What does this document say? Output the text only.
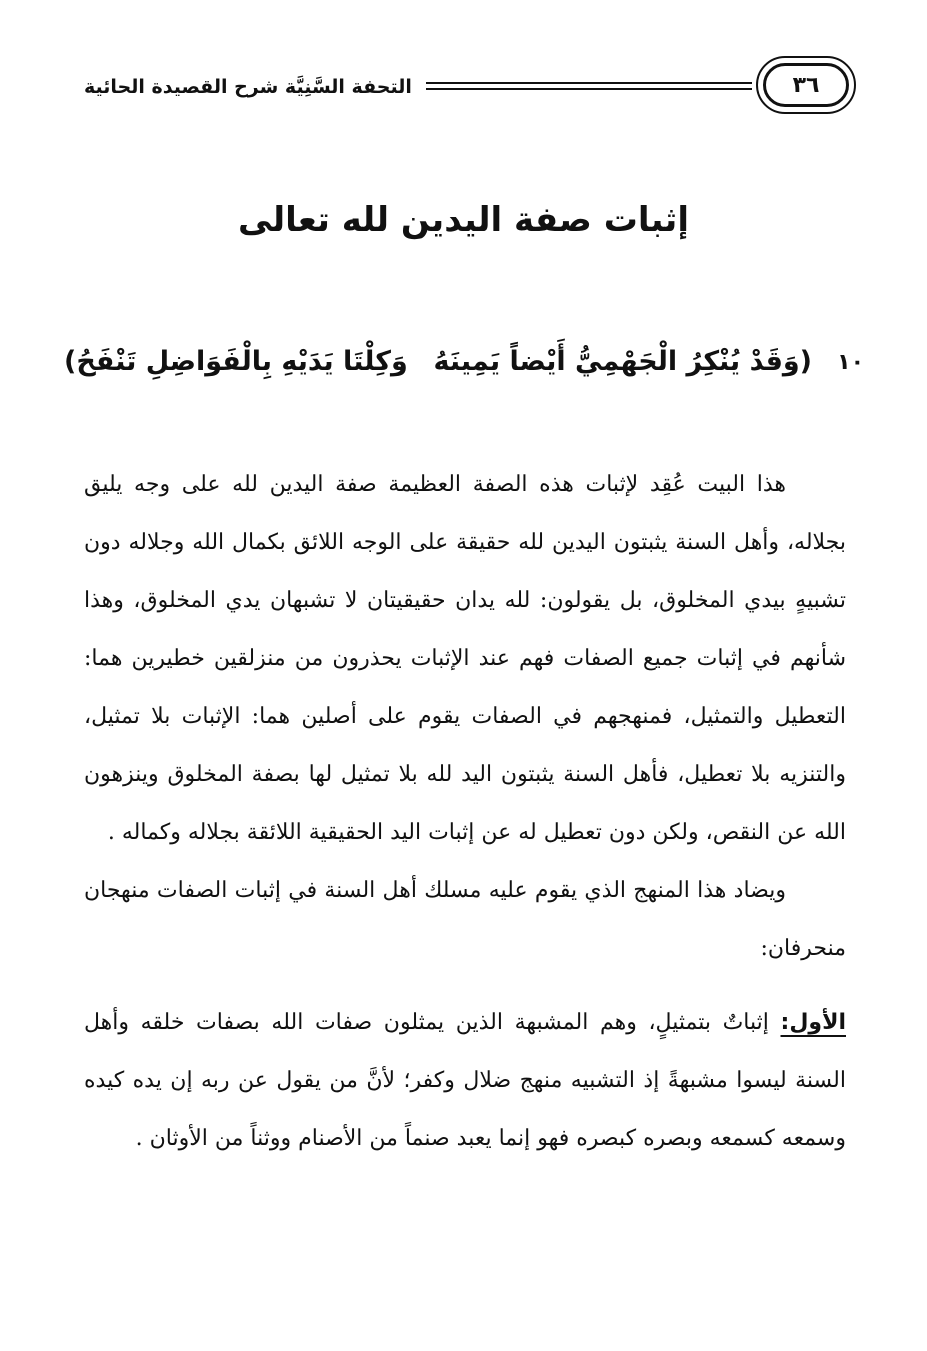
التحفة السَّنِيَّة شرح القصيدة الحائية	٣٦
إثبات صفة اليدين لله تعالى
١٠
(وَقَدْ يُنْكِرُ الْجَهْمِيُّ أَيْضاً يَمِينَهُ
وَكِلْتَا يَدَيْهِ بِالْفَوَاضِلِ تَنْفَحُ)

هذا البيت عُقِد لإثبات هذه الصفة العظيمة صفة اليدين لله على وجه يليق بجلاله، وأهل السنة يثبتون اليدين لله حقيقة على الوجه اللائق بكمال الله وجلاله دون تشبيهٍ بيدي المخلوق، بل يقولون: لله يدان حقيقيتان لا تشبهان يدي المخلوق، وهذا شأنهم في إثبات جميع الصفات فهم عند الإثبات يحذرون من منزلقين خطيرين هما: التعطيل والتمثيل، فمنهجهم في الصفات يقوم على أصلين هما: الإثبات بلا تمثيل، والتنزيه بلا تعطيل، فأهل السنة يثبتون اليد لله بلا تمثيل لها بصفة المخلوق وينزهون الله عن النقص، ولكن دون تعطيل له عن إثبات اليد الحقيقية اللائقة بجلاله وكماله .

ويضاد هذا المنهج الذي يقوم عليه مسلك أهل السنة في إثبات الصفات منهجان منحرفان:

الأول: إثباتٌ بتمثيلٍ، وهم المشبهة الذين يمثلون صفات الله بصفات خلقه وأهل السنة ليسوا مشبهةً إذ التشبيه منهج ضلال وكفر؛ لأنَّ من يقول عن ربه إن يده كيده وسمعه كسمعه وبصره كبصره فهو إنما يعبد صنماً من الأصنام ووثناً من الأوثان .
